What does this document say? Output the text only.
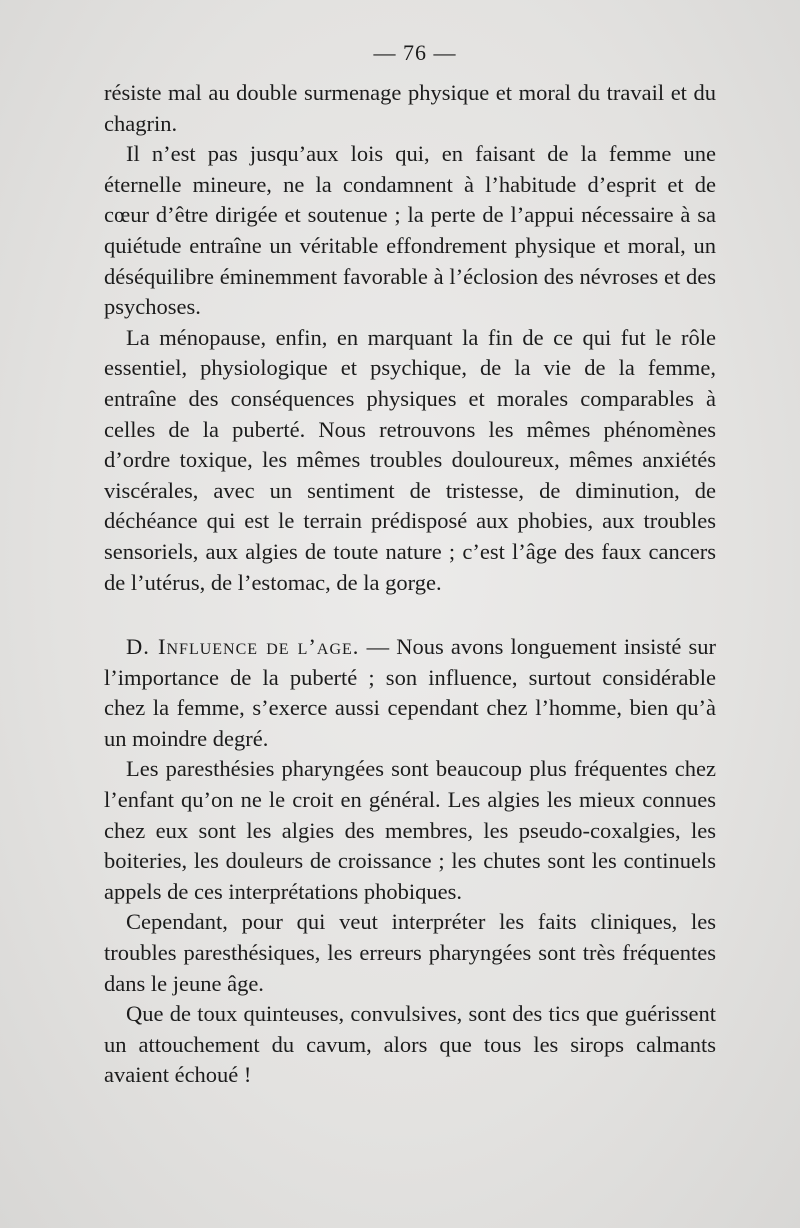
— 76 —

résiste mal au double surmenage physique et moral du travail et du chagrin.

Il n’est pas jusqu’aux lois qui, en faisant de la femme une éternelle mineure, ne la condamnent à l’habitude d’esprit et de cœur d’être dirigée et soutenue ; la perte de l’appui nécessaire à sa quiétude entraîne un véritable effondrement physique et moral, un déséquilibre éminemment favorable à l’éclosion des névroses et des psychoses.

La ménopause, enfin, en marquant la fin de ce qui fut le rôle essentiel, physiologique et psychique, de la vie de la femme, entraîne des conséquences physiques et morales comparables à celles de la puberté. Nous retrouvons les mêmes phénomènes d’ordre toxique, les mêmes troubles douloureux, mêmes anxiétés viscérales, avec un sentiment de tristesse, de diminution, de déchéance qui est le terrain prédisposé aux phobies, aux troubles sensoriels, aux algies de toute nature ; c’est l’âge des faux cancers de l’utérus, de l’estomac, de la gorge.

D. Influence de l’age. — Nous avons longuement insisté sur l’importance de la puberté ; son influence, surtout considérable chez la femme, s’exerce aussi cependant chez l’homme, bien qu’à un moindre degré.

Les paresthésies pharyngées sont beaucoup plus fréquentes chez l’enfant qu’on ne le croit en général. Les algies les mieux connues chez eux sont les algies des membres, les pseudo-coxalgies, les boiteries, les douleurs de croissance ; les chutes sont les continuels appels de ces interprétations phobiques.

Cependant, pour qui veut interpréter les faits cliniques, les troubles paresthésiques, les erreurs pharyngées sont très fréquentes dans le jeune âge.

Que de toux quinteuses, convulsives, sont des tics que guérissent un attouchement du cavum, alors que tous les sirops calmants avaient échoué !
